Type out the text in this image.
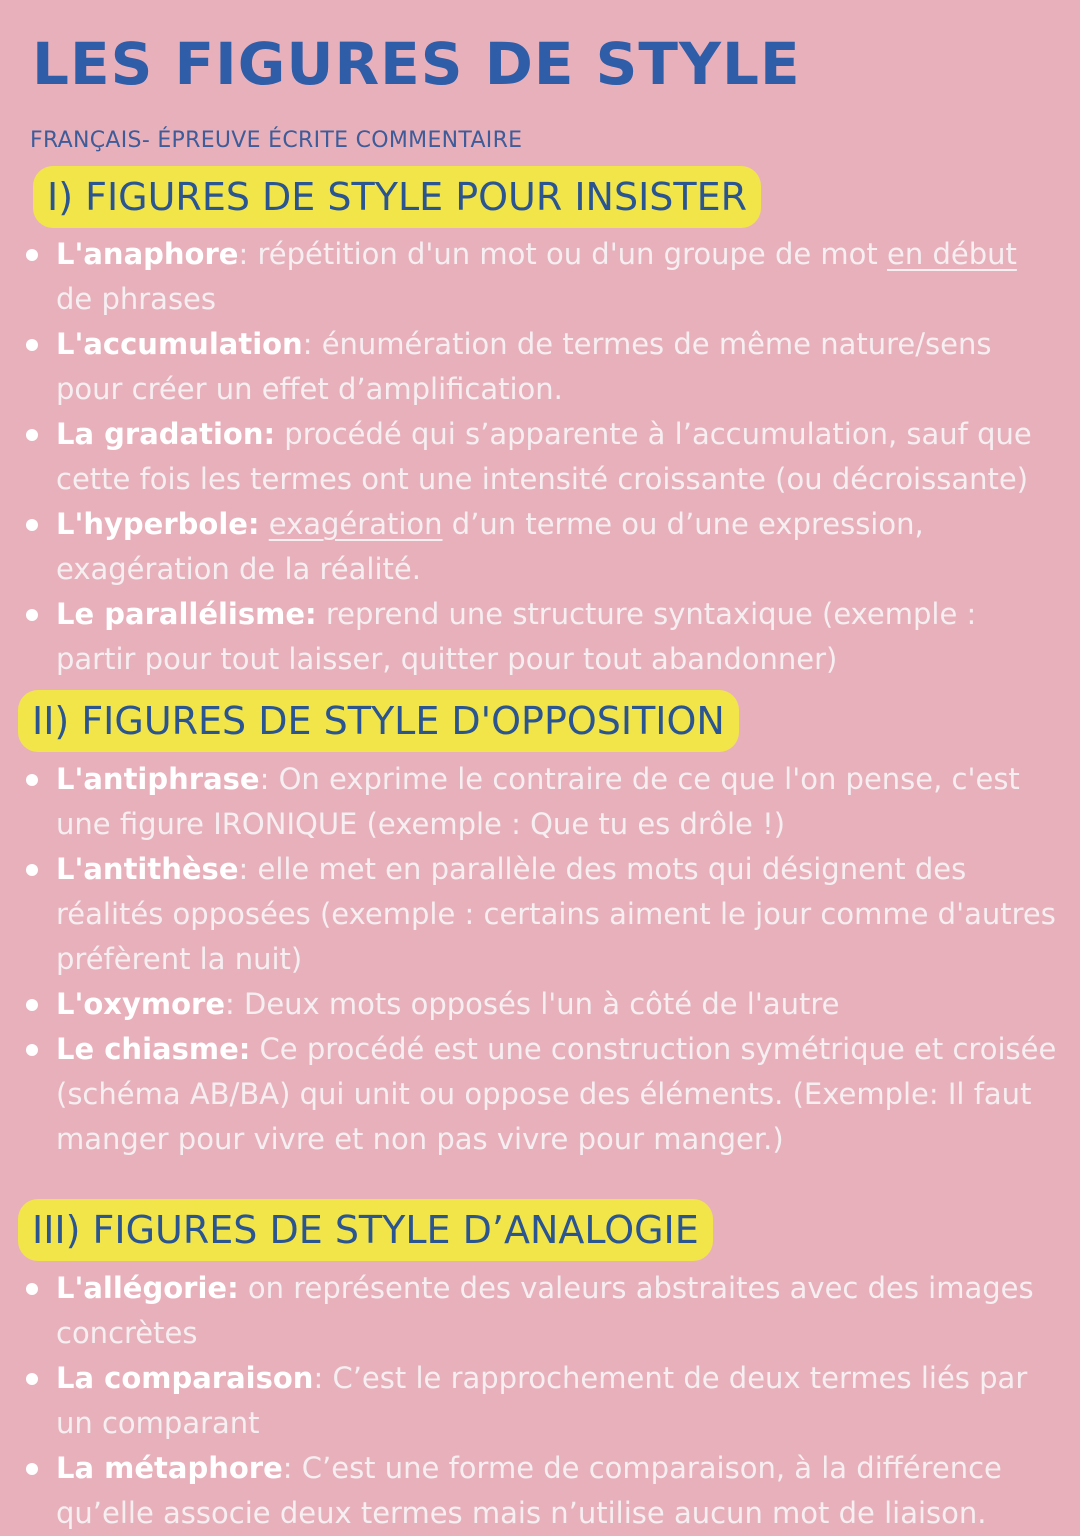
LES FIGURES DE STYLE
FRANÇAIS- ÉPREUVE ÉCRITE COMMENTAIRE
I) FIGURES DE STYLE POUR INSISTER
L'anaphore: répétition d'un mot ou d'un groupe de mot en début de phrases
L'accumulation: énumération de termes de même nature/sens pour créer un effet d’amplification.
La gradation: procédé qui s’apparente à l’accumulation, sauf que cette fois les termes ont une intensité croissante (ou décroissante)
L'hyperbole: exagération d’un terme ou d’une expression, exagération de la réalité.
Le parallélisme: reprend une structure syntaxique (exemple : partir pour tout laisser, quitter pour tout abandonner)
II) FIGURES DE STYLE D'OPPOSITION
L'antiphrase: On exprime le contraire de ce que l'on pense, c'est une figure IRONIQUE (exemple : Que tu es drôle !)
L'antithèse: elle met en parallèle des mots qui désignent des réalités opposées (exemple : certains aiment le jour comme d'autres préfèrent la nuit)
L'oxymore: Deux mots opposés l'un à côté de l'autre
Le chiasme: Ce procédé est une construction symétrique et croisée (schéma AB/BA) qui unit ou oppose des éléments. (Exemple: Il faut manger pour vivre et non pas vivre pour manger.)
III) FIGURES DE STYLE D’ANALOGIE
L'allégorie: on représente des valeurs abstraites avec des images concrètes
La comparaison: C’est le rapprochement de deux termes liés par un comparant
La métaphore: C’est une forme de comparaison, à la différence qu’elle associe deux termes mais n’utilise aucun mot de liaison.
